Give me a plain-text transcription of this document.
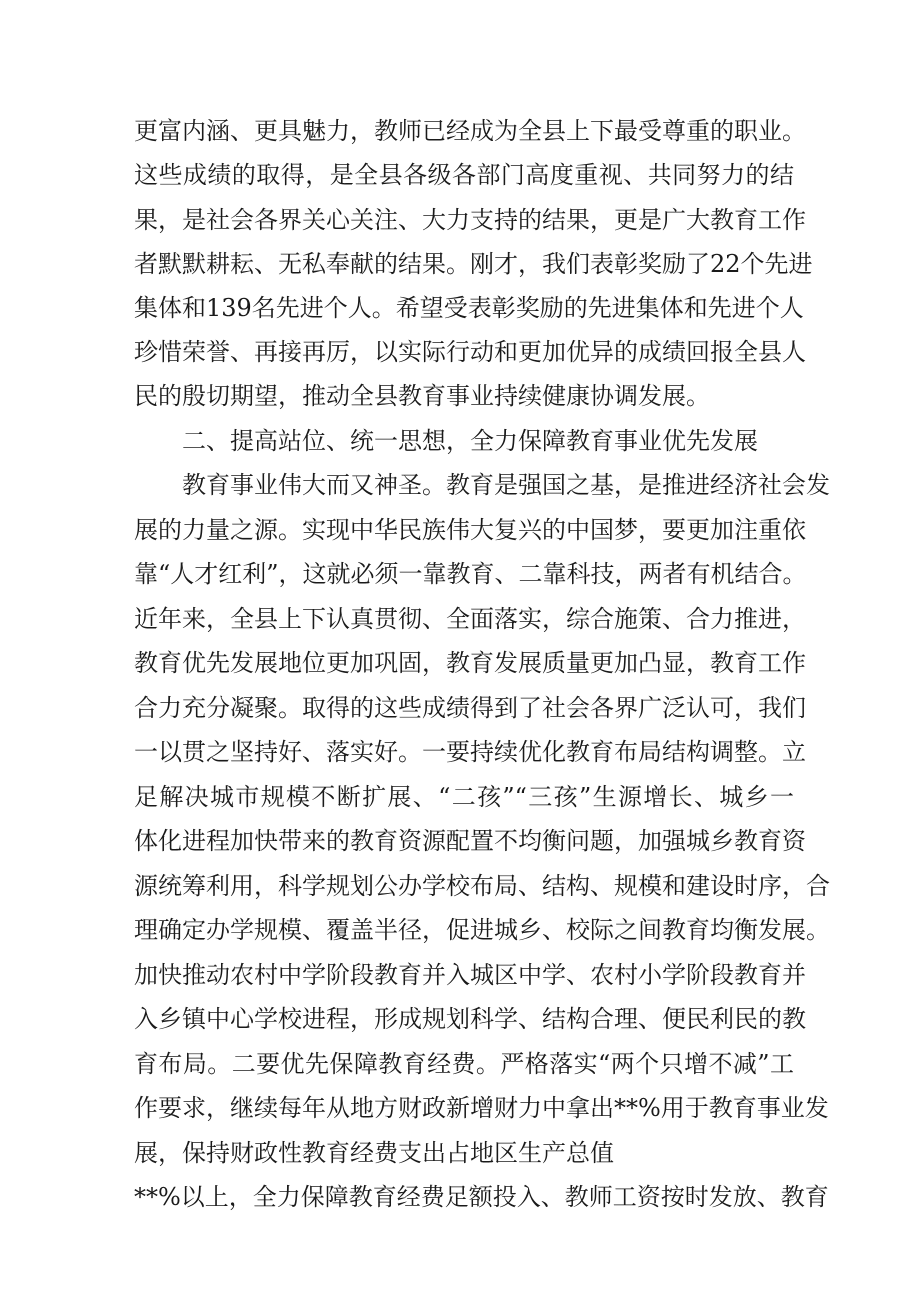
更富内涵、更具魅力，教师已经成为全县上下最受尊重的职业。
这些成绩的取得，是全县各级各部门高度重视、共同努力的结
果，是社会各界关心关注、大力支持的结果，更是广大教育工作
者默默耕耘、无私奉献的结果。刚才，我们表彰奖励了22个先进
集体和139名先进个人。希望受表彰奖励的先进集体和先进个人
珍惜荣誉、再接再厉，以实际行动和更加优异的成绩回报全县人
民的殷切期望，推动全县教育事业持续健康协调发展。
二、提高站位、统一思想，全力保障教育事业优先发展
教育事业伟大而又神圣。教育是强国之基，是推进经济社会发
展的力量之源。实现中华民族伟大复兴的中国梦，要更加注重依
靠“人才红利”，这就必须一靠教育、二靠科技，两者有机结合。
近年来，全县上下认真贯彻、全面落实，综合施策、合力推进，
教育优先发展地位更加巩固，教育发展质量更加凸显，教育工作
合力充分凝聚。取得的这些成绩得到了社会各界广泛认可，我们
一以贯之坚持好、落实好。一要持续优化教育布局结构调整。立
足解决城市规模不断扩展、“二孩”“三孩”生源增长、城乡一
体化进程加快带来的教育资源配置不均衡问题，加强城乡教育资
源统筹利用，科学规划公办学校布局、结构、规模和建设时序，合
理确定办学规模、覆盖半径，促进城乡、校际之间教育均衡发展。
加快推动农村中学阶段教育并入城区中学、农村小学阶段教育并
入乡镇中心学校进程，形成规划科学、结构合理、便民利民的教
育布局。二要优先保障教育经费。严格落实“两个只增不减”工
作要求，继续每年从地方财政新增财力中拿出**%用于教育事业发
展，保持财政性教育经费支出占地区生产总值
**%以上，全力保障教育经费足额投入、教师工资按时发放、教育
